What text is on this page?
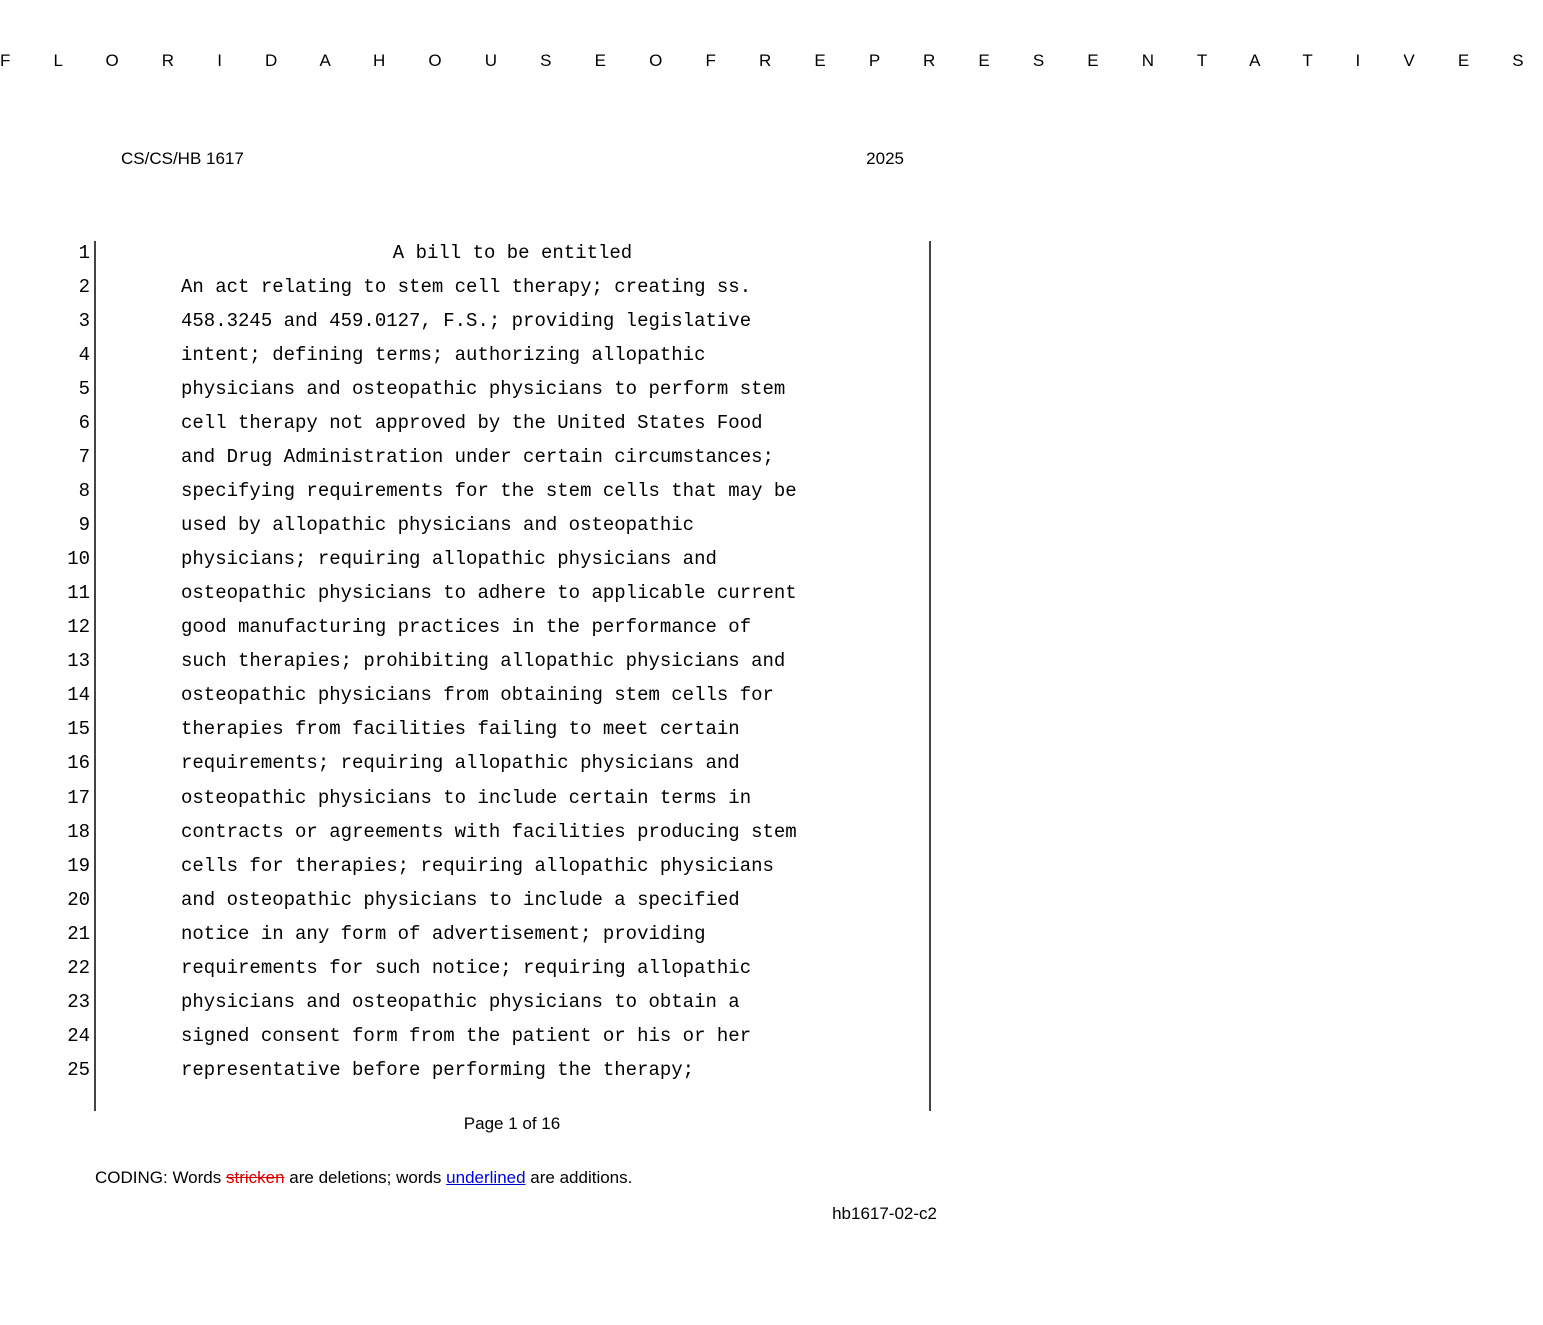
F L O R I D A H O U S E O F R E P R E S E N T A T I V E S
CS/CS/HB 1617	2025
1	A bill to be entitled
2	An act relating to stem cell therapy; creating ss.
3	458.3245 and 459.0127, F.S.; providing legislative
4	intent; defining terms; authorizing allopathic
5	physicians and osteopathic physicians to perform stem
6	cell therapy not approved by the United States Food
7	and Drug Administration under certain circumstances;
8	specifying requirements for the stem cells that may be
9	used by allopathic physicians and osteopathic
10	physicians; requiring allopathic physicians and
11	osteopathic physicians to adhere to applicable current
12	good manufacturing practices in the performance of
13	such therapies; prohibiting allopathic physicians and
14	osteopathic physicians from obtaining stem cells for
15	therapies from facilities failing to meet certain
16	requirements; requiring allopathic physicians and
17	osteopathic physicians to include certain terms in
18	contracts or agreements with facilities producing stem
19	cells for therapies; requiring allopathic physicians
20	and osteopathic physicians to include a specified
21	notice in any form of advertisement; providing
22	requirements for such notice; requiring allopathic
23	physicians and osteopathic physicians to obtain a
24	signed consent form from the patient or his or her
25	representative before performing the therapy;
Page 1 of 16
CODING: Words stricken are deletions; words underlined are additions.
hb1617-02-c2
